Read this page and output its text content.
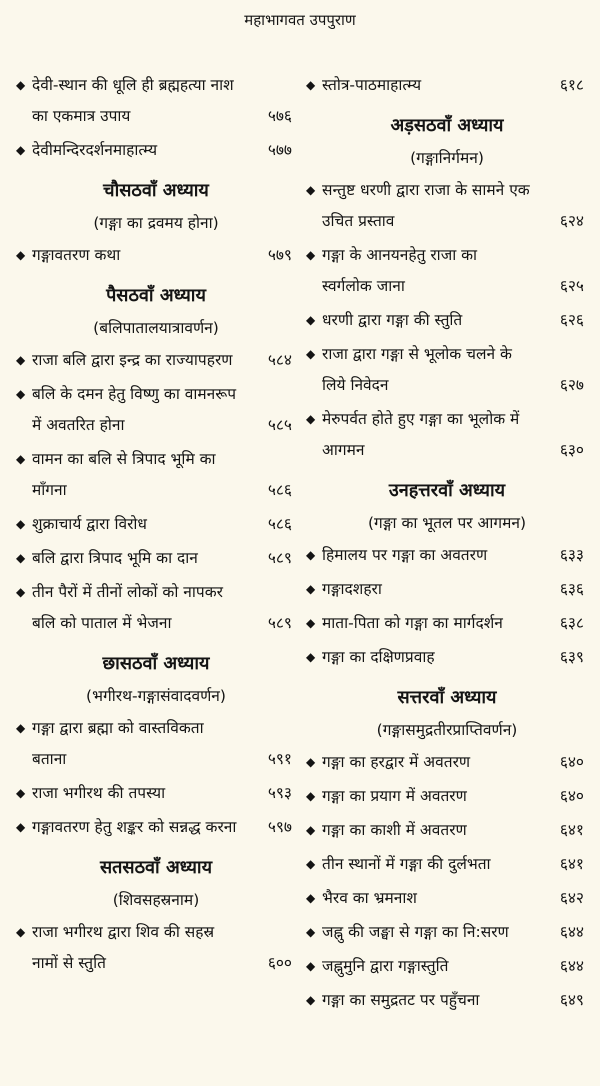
महाभागवत उपपुराण
◆ देवी-स्थान की धूलि ही ब्रह्महत्या नाश का एकमात्र उपाय	५७६
◆ देवीमन्दिरदर्शनमाहात्म्य	५७७
चौसठवाँ अध्याय
(गङ्गा का द्रवमय होना)
◆ गङ्गावतरण कथा	५७९
पैसठवाँ अध्याय
(बलिपातालयात्रावर्णन)
◆ राजा बलि द्वारा इन्द्र का राज्यापहरण	५८४
◆ बलि के दमन हेतु विष्णु का वामनरूप में अवतरित होना	५८५
◆ वामन का बलि से त्रिपाद भूमि का माँगना	५८६
◆ शुक्राचार्य द्वारा विरोध	५८६
◆ बलि द्वारा त्रिपाद भूमि का दान	५८९
◆ तीन पैरों में तीनों लोकों को नापकर बलि को पाताल में भेजना	५८९
छासठवाँ अध्याय
(भगीरथ-गङ्गासंवादवर्णन)
◆ गङ्गा द्वारा ब्रह्मा को वास्तविकता बताना	५९१
◆ राजा भगीरथ की तपस्या	५९३
◆ गङ्गावतरण हेतु शङ्कर को सन्नद्ध करना	५९७
सतसठवाँ अध्याय
(शिवसहस्रनाम)
◆ राजा भगीरथ द्वारा शिव की सहस्र नामों से स्तुति	६००
◆ स्तोत्र-पाठमाहात्म्य	६१८
अड़सठवाँ अध्याय
(गङ्गानिर्गमन)
◆ सन्तुष्ट धरणी द्वारा राजा के सामने एक उचित प्रस्ताव	६२४
◆ गङ्गा के आनयनहेतु राजा का स्वर्गलोक जाना	६२५
◆ धरणी द्वारा गङ्गा की स्तुति	६२६
◆ राजा द्वारा गङ्गा से भूलोक चलने के लिये निवेदन	६२७
◆ मेरुपर्वत होते हुए गङ्गा का भूलोक में आगमन	६३०
उनहत्तरवाँ अध्याय
(गङ्गा का भूतल पर आगमन)
◆ हिमालय पर गङ्गा का अवतरण	६३३
◆ गङ्गादशहरा	६३६
◆ माता-पिता को गङ्गा का मार्गदर्शन	६३८
◆ गङ्गा का दक्षिणप्रवाह	६३९
सत्तरवाँ अध्याय
(गङ्गासमुद्रतीरप्राप्तिवर्णन)
◆ गङ्गा का हरद्वार में अवतरण	६४०
◆ गङ्गा का प्रयाग में अवतरण	६४०
◆ गङ्गा का काशी में अवतरण	६४१
◆ तीन स्थानों में गङ्गा की दुर्लभता	६४१
◆ भैरव का भ्रमनाश	६४२
◆ जह्नु की जङ्घा से गङ्गा का नि:सरण	६४४
◆ जह्नुमुनि द्वारा गङ्गास्तुति	६४४
◆ गङ्गा का समुद्रतट पर पहुँचना	६४९
